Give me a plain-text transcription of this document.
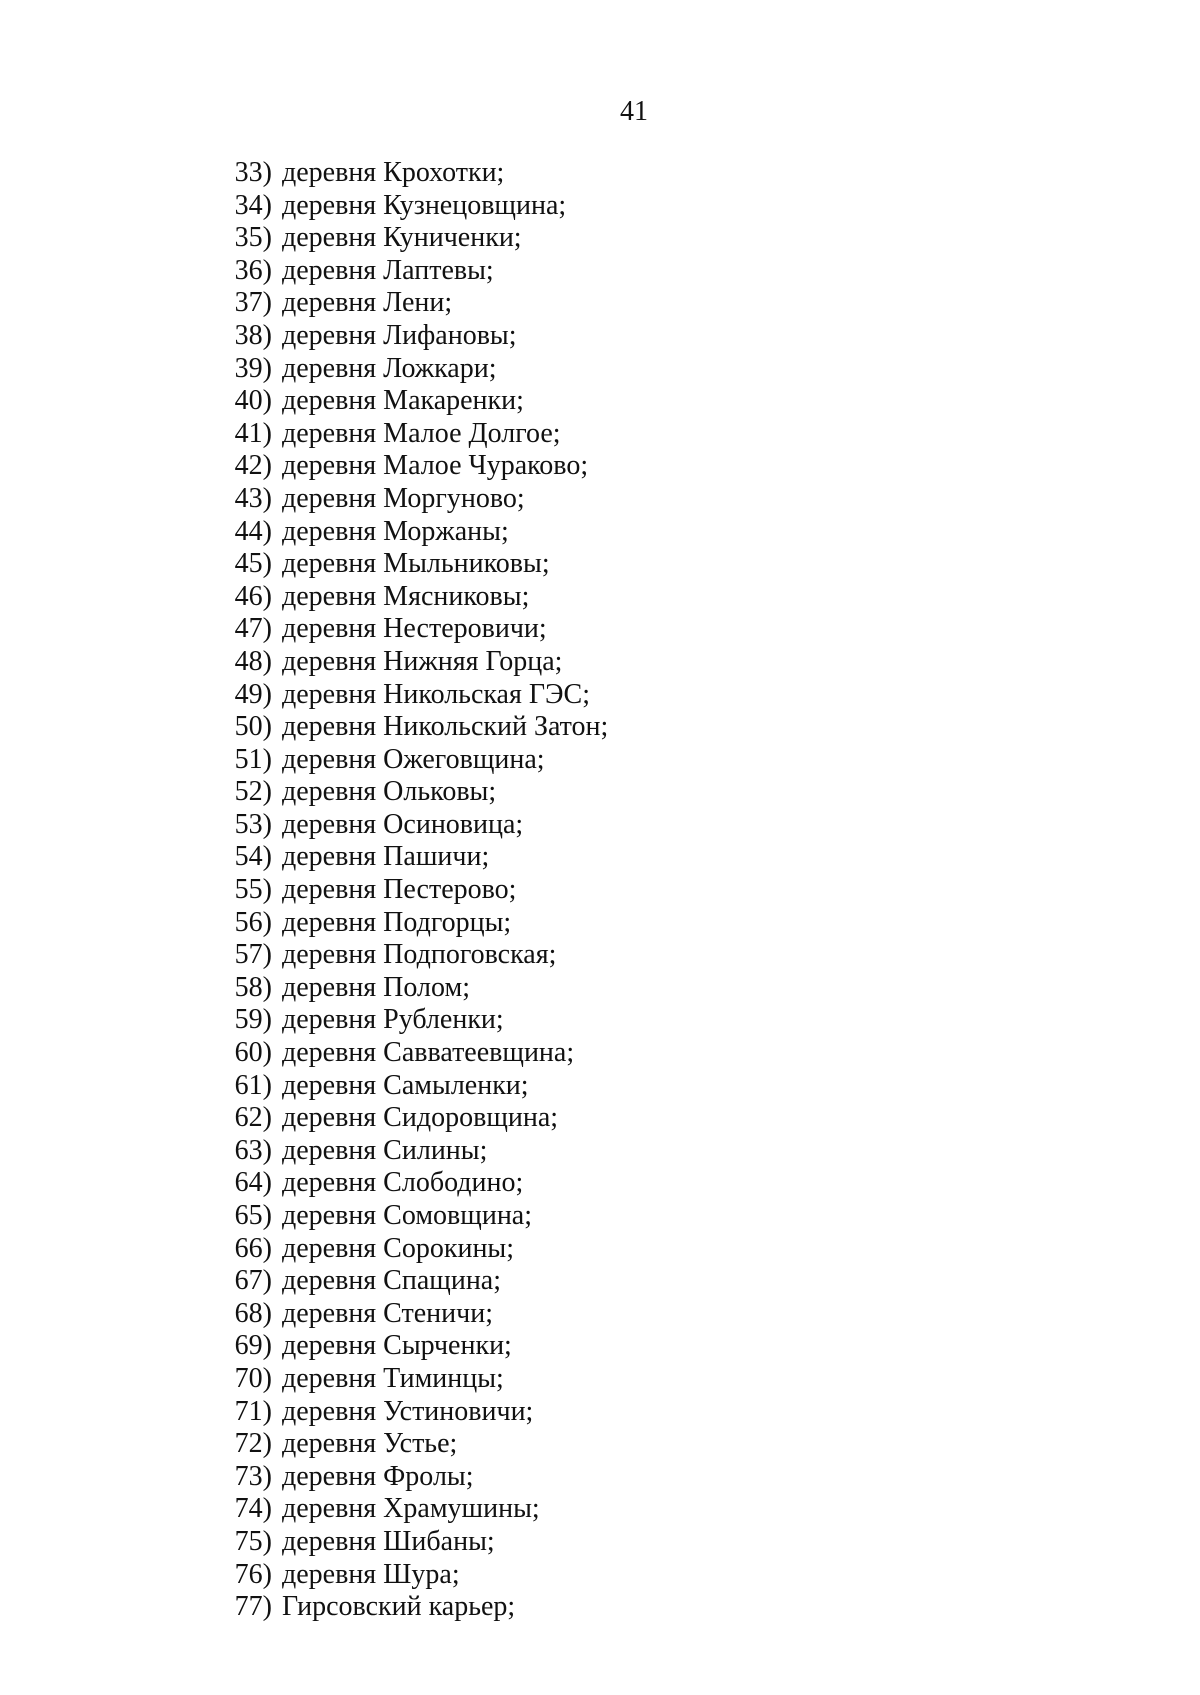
41
33) деревня Крохотки;
34) деревня Кузнецовщина;
35) деревня Куниченки;
36) деревня Лаптевы;
37) деревня Лени;
38) деревня Лифановы;
39) деревня Ложкари;
40) деревня Макаренки;
41) деревня Малое Долгое;
42) деревня Малое Чураково;
43) деревня Моргуново;
44) деревня Моржаны;
45) деревня Мыльниковы;
46) деревня Мясниковы;
47) деревня Нестеровичи;
48) деревня Нижняя Горца;
49) деревня Никольская ГЭС;
50) деревня Никольский Затон;
51) деревня Ожеговщина;
52) деревня Ольковы;
53) деревня Осиновица;
54) деревня Пашичи;
55) деревня Пестерово;
56) деревня Подгорцы;
57) деревня Подпоговская;
58) деревня Полом;
59) деревня Рубленки;
60) деревня Савватеевщина;
61) деревня Самыленки;
62) деревня Сидоровщина;
63) деревня Силины;
64) деревня Слободино;
65) деревня Сомовщина;
66) деревня Сорокины;
67) деревня Спащина;
68) деревня Стеничи;
69) деревня Сырченки;
70) деревня Тиминцы;
71) деревня Устиновичи;
72) деревня Устье;
73) деревня Фролы;
74) деревня Храмушины;
75) деревня Шибаны;
76) деревня Шура;
77) Гирсовский карьер;
